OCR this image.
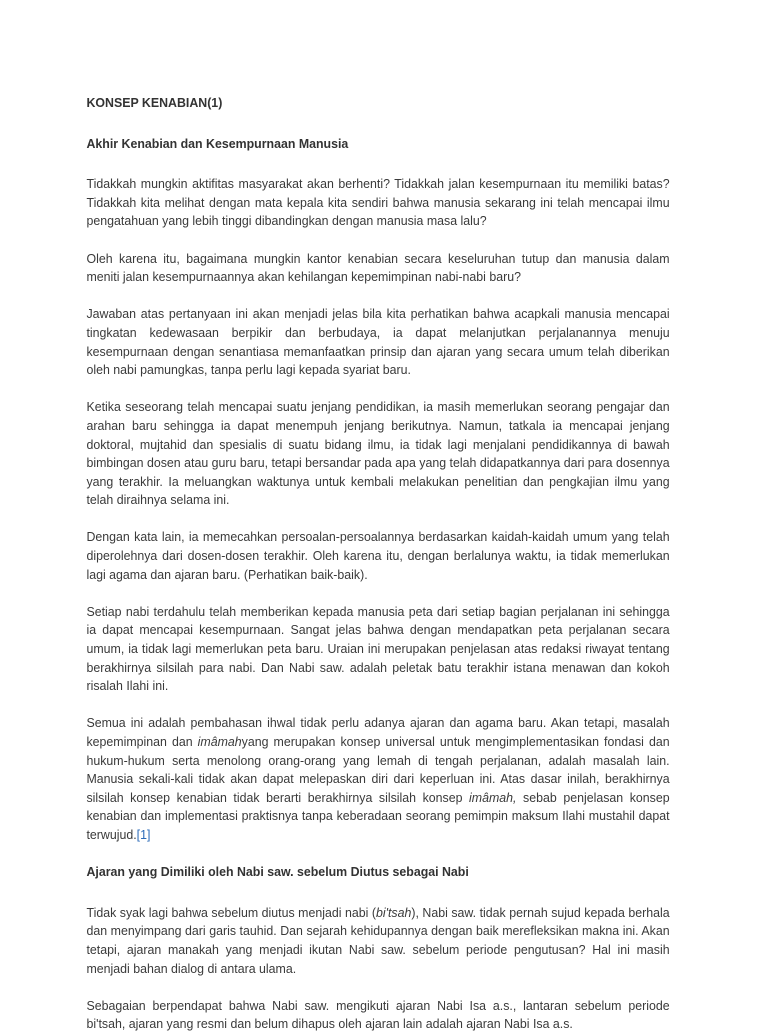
KONSEP KENABIAN(1)
Akhir Kenabian dan Kesempurnaan Manusia

Tidakkah mungkin aktifitas masyarakat akan berhenti? Tidakkah jalan kesempurnaan itu memiliki batas? Tidakkah kita melihat dengan mata kepala kita sendiri bahwa manusia sekarang ini telah mencapai ilmu pengatahuan yang lebih tinggi dibandingkan dengan manusia masa lalu?

Oleh karena itu, bagaimana mungkin kantor kenabian secara keseluruhan tutup dan manusia dalam meniti jalan kesempurnaannya akan kehilangan kepemimpinan nabi-nabi baru?

Jawaban atas pertanyaan ini akan menjadi jelas bila kita perhatikan bahwa acapkali manusia mencapai tingkatan kedewasaan berpikir dan berbudaya, ia dapat melanjutkan perjalanannya menuju kesempurnaan dengan senantiasa memanfaatkan prinsip dan ajaran yang secara umum telah diberikan oleh nabi pamungkas, tanpa perlu lagi kepada syariat baru.

Ketika seseorang telah mencapai suatu jenjang pendidikan, ia masih memerlukan seorang pengajar dan arahan baru sehingga ia dapat menempuh jenjang berikutnya. Namun, tatkala ia mencapai jenjang doktoral, mujtahid dan spesialis di suatu bidang ilmu, ia tidak lagi menjalani pendidikannya di bawah bimbingan dosen atau guru baru, tetapi bersandar pada apa yang telah didapatkannya dari para dosennya yang terakhir. Ia meluangkan waktunya untuk kembali melakukan penelitian dan pengkajian ilmu yang telah diraihnya selama ini.

Dengan kata lain, ia memecahkan persoalan-persoalannya berdasarkan kaidah-kaidah umum yang telah diperolehnya dari dosen-dosen terakhir. Oleh karena itu, dengan berlalunya waktu, ia tidak memerlukan lagi agama dan ajaran baru. (Perhatikan baik-baik).

Setiap nabi terdahulu telah memberikan kepada manusia peta dari setiap bagian perjalanan ini sehingga ia dapat mencapai kesempurnaan. Sangat jelas bahwa dengan mendapatkan peta perjalanan secara umum, ia tidak lagi memerlukan peta baru. Uraian ini merupakan penjelasan atas redaksi riwayat tentang berakhirnya silsilah para nabi. Dan Nabi saw. adalah peletak batu terakhir istana menawan dan kokoh risalah Ilahi ini.

Semua ini adalah pembahasan ihwal tidak perlu adanya ajaran dan agama baru. Akan tetapi, masalah kepemimpinan dan imâmahyang merupakan konsep universal untuk mengimplementasikan fondasi dan hukum-hukum serta menolong orang-orang yang lemah di tengah perjalanan, adalah masalah lain. Manusia sekali-kali tidak akan dapat melepaskan diri dari keperluan ini. Atas dasar inilah, berakhirnya silsilah konsep kenabian tidak berarti berakhirnya silsilah konsep imâmah, sebab penjelasan konsep kenabian dan implementasi praktisnya tanpa keberadaan seorang pemimpin maksum Ilahi mustahil dapat terwujud.[1]

Ajaran yang Dimiliki oleh Nabi saw. sebelum Diutus sebagai Nabi

Tidak syak lagi bahwa sebelum diutus menjadi nabi (bi'tsah), Nabi saw. tidak pernah sujud kepada berhala dan menyimpang dari garis tauhid. Dan sejarah kehidupannya dengan baik merefleksikan makna ini. Akan tetapi, ajaran manakah yang menjadi ikutan Nabi saw. sebelum periode pengutusan? Hal ini masih menjadi bahan dialog di antara ulama.

Sebagaian berpendapat bahwa Nabi saw. mengikuti ajaran Nabi Isa a.s., lantaran sebelum periode bi'tsah, ajaran yang resmi dan belum dihapus oleh ajaran lain adalah ajaran Nabi Isa a.s.
